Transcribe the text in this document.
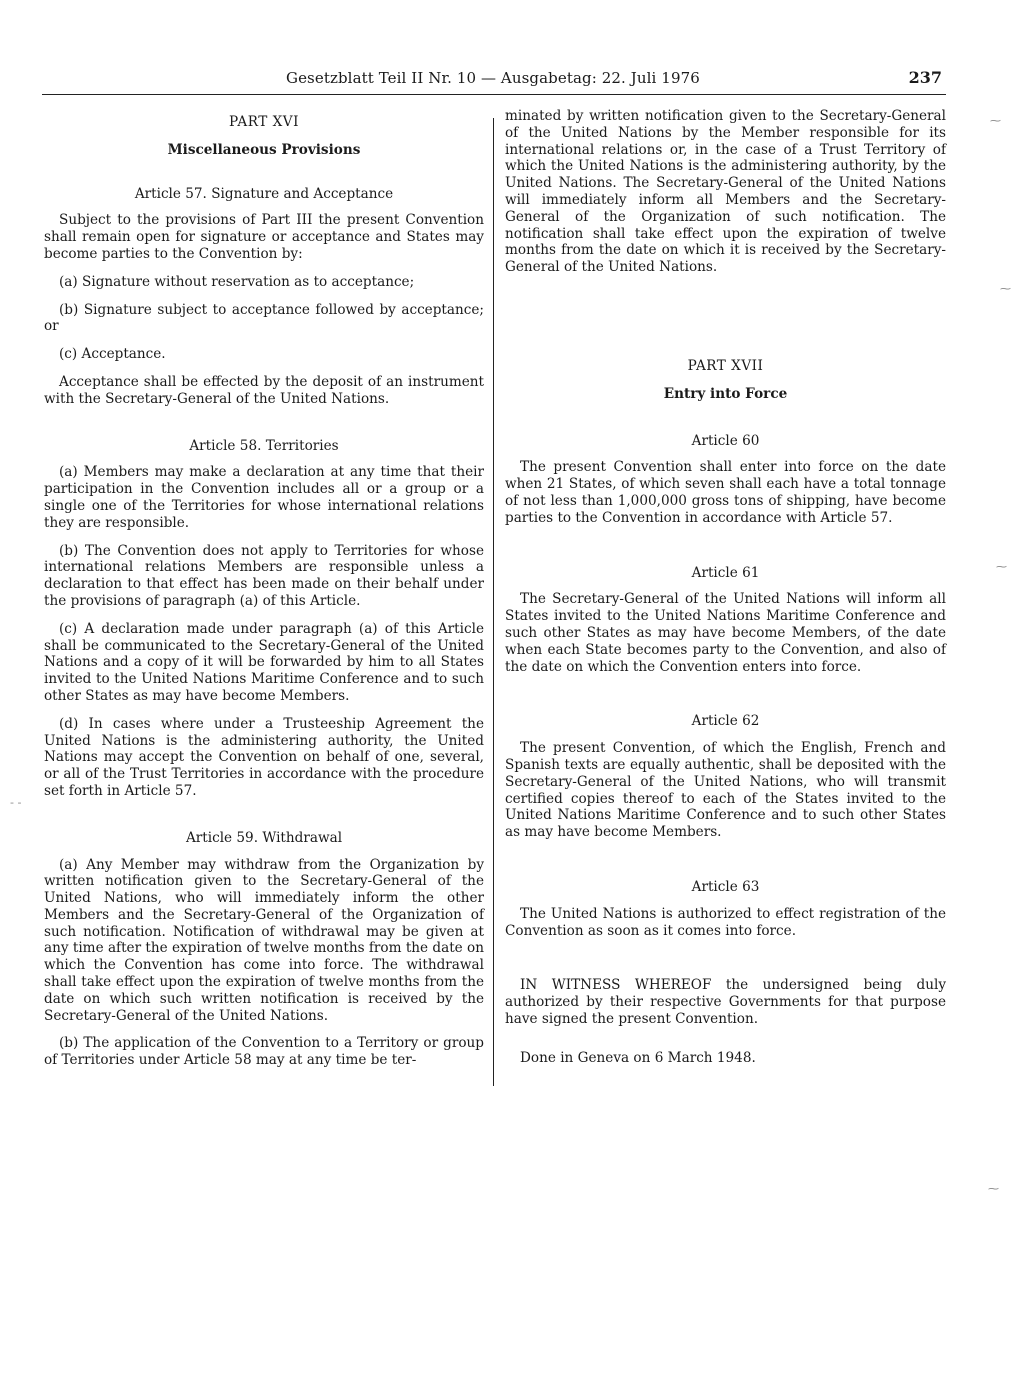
Gesetzblatt Teil II Nr. 10 — Ausgabetag: 22. Juli 1976	237
PART XVI
Miscellaneous Provisions
Article 57. Signature and Acceptance

Subject to the provisions of Part III the present Convention shall remain open for signature or acceptance and States may become parties to the Convention by:

(a) Signature without reservation as to acceptance;

(b) Signature subject to acceptance followed by acceptance; or

(c) Acceptance.

Acceptance shall be effected by the deposit of an instrument with the Secretary-General of the United Nations.

Article 58. Territories

(a) Members may make a declaration at any time that their participation in the Convention includes all or a group or a single one of the Territories for whose international relations they are responsible.

(b) The Convention does not apply to Territories for whose international relations Members are responsible unless a declaration to that effect has been made on their behalf under the provisions of paragraph (a) of this Article.

(c) A declaration made under paragraph (a) of this Article shall be communicated to the Secretary-General of the United Nations and a copy of it will be forwarded by him to all States invited to the United Nations Maritime Conference and to such other States as may have become Members.

(d) In cases where under a Trusteeship Agreement the United Nations is the administering authority, the United Nations may accept the Convention on behalf of one, several, or all of the Trust Territories in accordance with the procedure set forth in Article 57.

Article 59. Withdrawal

(a) Any Member may withdraw from the Organization by written notification given to the Secretary-General of the United Nations, who will immediately inform the other Members and the Secretary-General of the Organization of such notification. Notification of withdrawal may be given at any time after the expiration of twelve months from the date on which the Convention has come into force. The withdrawal shall take effect upon the expiration of twelve months from the date on which such written notification is received by the Secretary-General of the United Nations.

(b) The application of the Convention to a Territory or group of Territories under Article 58 may at any time be ter-

minated by written notification given to the Secretary-General of the United Nations by the Member responsible for its international relations or, in the case of a Trust Territory of which the United Nations is the administering authority, by the United Nations. The Secretary-General of the United Nations will immediately inform all Members and the Secretary-General of the Organization of such notification. The notification shall take effect upon the expiration of twelve months from the date on which it is received by the Secretary-General of the United Nations.

PART XVII
Entry into Force
Article 60

The present Convention shall enter into force on the date when 21 States, of which seven shall each have a total tonnage of not less than 1,000,000 gross tons of shipping, have become parties to the Convention in accordance with Article 57.

Article 61

The Secretary-General of the United Nations will inform all States invited to the United Nations Maritime Conference and such other States as may have become Members, of the date when each State becomes party to the Convention, and also of the date on which the Convention enters into force.

Article 62

The present Convention, of which the English, French and Spanish texts are equally authentic, shall be deposited with the Secretary-General of the United Nations, who will transmit certified copies thereof to each of the States invited to the United Nations Maritime Conference and to such other States as may have become Members.

Article 63

The United Nations is authorized to effect registration of the Convention as soon as it comes into force.

IN WITNESS WHEREOF the undersigned being duly authorized by their respective Governments for that purpose have signed the present Convention.

Done in Geneva on 6 March 1948.

⁓
⁓
⁓
- -
⁓
